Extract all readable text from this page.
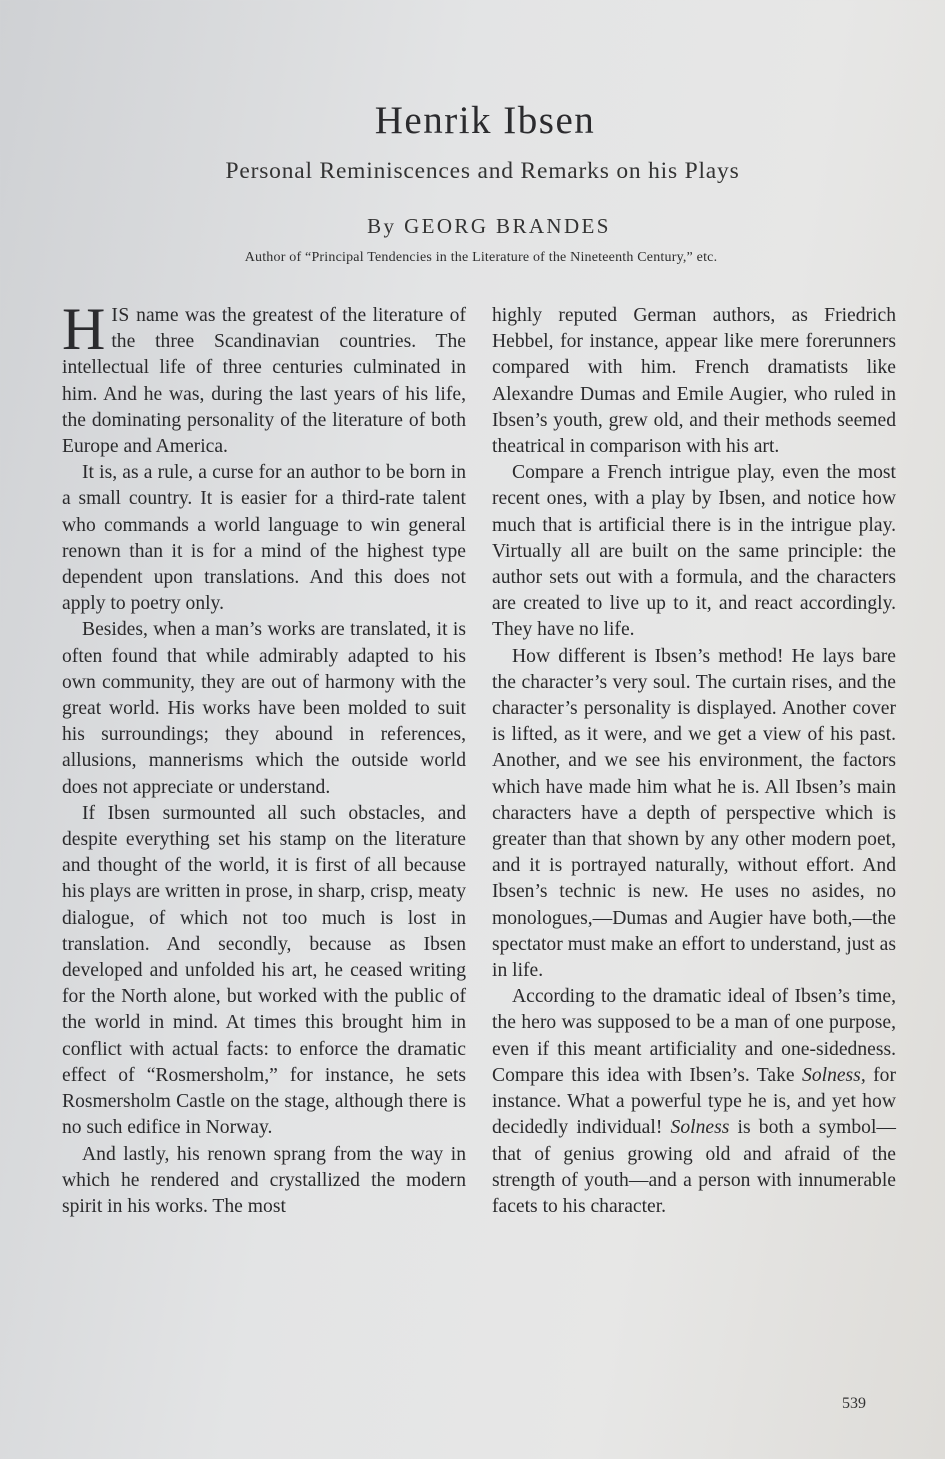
Henrik Ibsen
Personal Reminiscences and Remarks on his Plays
By GEORG BRANDES
Author of “Principal Tendencies in the Literature of the Nineteenth Century,” etc.

HIS name was the greatest of the literature of the three Scandinavian countries. The intellectual life of three centuries culminated in him. And he was, during the last years of his life, the dominating personality of the literature of both Europe and America.

It is, as a rule, a curse for an author to be born in a small country. It is easier for a third-rate talent who commands a world language to win general renown than it is for a mind of the highest type dependent upon translations. And this does not apply to poetry only.

Besides, when a man’s works are translated, it is often found that while admirably adapted to his own community, they are out of harmony with the great world. His works have been molded to suit his surroundings; they abound in references, allusions, mannerisms which the outside world does not appreciate or understand.

If Ibsen surmounted all such obstacles, and despite everything set his stamp on the literature and thought of the world, it is first of all because his plays are written in prose, in sharp, crisp, meaty dialogue, of which not too much is lost in translation. And secondly, because as Ibsen developed and unfolded his art, he ceased writing for the North alone, but worked with the public of the world in mind. At times this brought him in conflict with actual facts: to enforce the dramatic effect of “Rosmersholm,” for instance, he sets Rosmersholm Castle on the stage, although there is no such edifice in Norway.

And lastly, his renown sprang from the way in which he rendered and crystallized the modern spirit in his works. The most

highly reputed German authors, as Friedrich Hebbel, for instance, appear like mere forerunners compared with him. French dramatists like Alexandre Dumas and Emile Augier, who ruled in Ibsen’s youth, grew old, and their methods seemed theatrical in comparison with his art.

Compare a French intrigue play, even the most recent ones, with a play by Ibsen, and notice how much that is artificial there is in the intrigue play. Virtually all are built on the same principle: the author sets out with a formula, and the characters are created to live up to it, and react accordingly. They have no life.

How different is Ibsen’s method! He lays bare the character’s very soul. The curtain rises, and the character’s personality is displayed. Another cover is lifted, as it were, and we get a view of his past. Another, and we see his environment, the factors which have made him what he is. All Ibsen’s main characters have a depth of perspective which is greater than that shown by any other modern poet, and it is portrayed naturally, without effort. And Ibsen’s technic is new. He uses no asides, no monologues,—Dumas and Augier have both,—the spectator must make an effort to understand, just as in life.

According to the dramatic ideal of Ibsen’s time, the hero was supposed to be a man of one purpose, even if this meant artificiality and one-sidedness. Compare this idea with Ibsen’s. Take Solness, for instance. What a powerful type he is, and yet how decidedly individual! Solness is both a symbol—that of genius growing old and afraid of the strength of youth—and a person with innumerable facets to his character.

539
